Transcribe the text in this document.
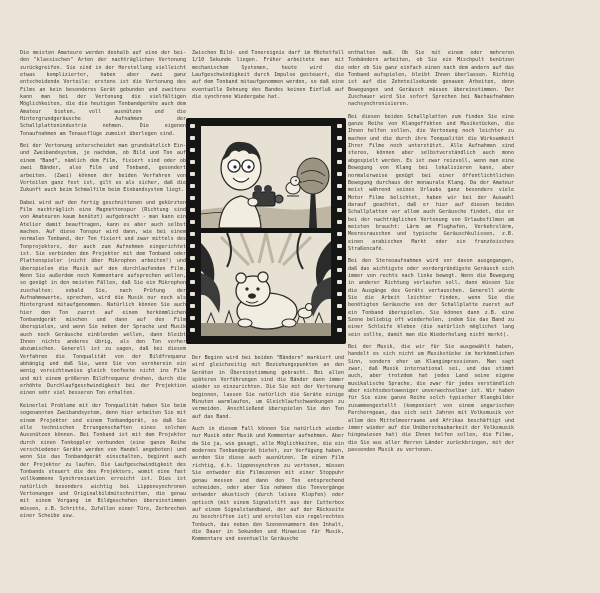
Die meisten Amateure werden deshalb auf eine der bei- den "klassischen" Arten der nachträglichen Vertonung zurückgreifen. Sie sind in der Herstellung vielleicht etwas komplizierter, haben aber zwei ganz entscheidende Vorteile: erstens ist die Vertonung des Films an kein besonderes Gerät gebunden und zweitens kann man bei der Vertonung die vielfältigen Möglichkeiten, die die heutigen Tonbandgeräte auch dem Amateur bieten, voll ausnützen und die Hintergrundgeräusche Aufnahmen der Schallplattenindustrie nehmen. Die eigenen Tonaufnahmen am Tonausflüge zumeist überlegen sind.

Bei der Vertonung unterscheidet man grundsätzlich Ein- und Zweibandsystem, je nachdem, ob Bild und Ton auf einem "Band", nämlich dem Film, fixiert sind oder ob zwei Bänder, also Film und Tonband, gesondert arbeiten. (Zwei) können der beiden Verfahren von Vorteilen ganz fest ist, gilt es als sicher, daß die Zukunft auch beim Schmalfilm beim Einbandsystem liegt.

Dabei wird auf den fertig geschnittenen und gekürzten Film nachträglich eine Magnettonspur (Richtung sind von Amateuren kaum benützt) aufgebracht - man kann ein Atelier damit beauftragen, kann es aber auch selbst machen. Auf diese Tonspur wird dann, wie bei einem normalen Tonband, der Ton fixiert und zwar mittels des Tonprojektors, der auch zum Aufnehmen eingerichtet ist. Sie verbinden den Projektor mit dem Tonband oder Plattenspieler (nicht über Mikrophon arbeiten!) und überspielen die Musik auf den durchlaufenden Film. Wenn Sie außerdem noch Kommentare aufsprechen wollen, so genügt in den meisten Fällen, daß Sie ein Mikrophon zuschalten: sobald Sie, nach Prüfung der Aufnahmewerte, sprechen, wird die Musik nur noch als Hintergrund mitaufgenommen. Natürlich können Sie auch hier den Ton zuerst auf einem herkömmlichen Tonbandgerät mischen und dann auf den Film überspielen, und wenn Sie neben der Sprache und Musik auch noch Geräusche einblenden wollen, dann bleibt Ihnen nichts anderes übrig, als den Ton vorher abzumischen. Generell ist zu sagen, daß bei diesem Verfahren die Tonqualität von der Bildfrequenz abhängig und daß Sie, wenn Sie von vornherein ein wenig vorsichtsweise gleich tonfeste nicht ins Film und mit einem größeren Bildfrequenz drehen, durch die erhöhte Durchlaufgeschwindigkeit bei der Projektion einen sehr viel besseren Ton erhalten.

Keinerlei Probleme mit der Tonqualität haben Sie beim sogenannten Zweibandsystem, denn hier arbeiten Sie mit einem Projektor und einem Tonbandgerät, so daß Sie alle technischen Errungenschaften eines solchen Aussnützen können. Bei Tonband ist mit dem Projektor durch einen Tonkoppler verbunden (eine ganze Reihe verschiedener Geräte werden von Handel angeboten) und wenn Sie das Tonbandgerät einschalten, beginnt auch der Projektor zu laufen. Die Laufgeschwindigkeit des Tonbands steuert die des Projektors, womit eine fast vollkommene Synchronisation erreicht ist. Dies ist natürlich besonders wichtig bei Lippensynchronen Vertonungen und Originalbildmitschnitten, die genau mit einem Vorgang im Bildgeschehen übereinstimmen müssen, z.B. Schritte, Zufallen einer Türe, Zerbrechen einer Scheibe usw.

Zwischen Bild- und Tonereignis darf im Höchstfall 1/10 Sekunde liegen. Früher arbeitete man mit mechanischem Systemen, heute wird die Laufgeschwindigkeit durch Impulse gesteuert, die auf dem Tonband mitaufgenommen werden, so daß eine eventuelle Dehnung des Bandes keinen Einfluß auf die synchrone Wiedergabe hat.

Der Beginn wird bei beiden "Bändern" markiert und wird gleichzeitig mit Beziehungspunkten an den Geräten in Übereinstimmung gebracht. Bei allen späteren Vorführungen sind die Bänder dann immer wieder so einzurichten. Die Sie mit der Vertonung beginnen, lassen Sie natürlich die Geräte einige Minuten warmlaufen, um Gleichlaufschwankungen zu vermeiden. Anschließend überspielen Sie den Ton auf das Band.

Auch in diesem Fall können Sie natürlich wieder nur Musik oder Musik und Kommentar aufnehmen. Aber da Sie ja, wie gesagt, alle Möglichkeiten, die ein modernes Tonbandgerät bietet, zur Verfügung haben, werden Sie diese auch ausnützen. Im einen Film richtig, d.h. lippensynchron zu vertonen, müssen Sie entweder die Filmszenen mit einer Stoppuhr genau messen und dann den Ton entsprechend schneiden, oder aber Sie nehmen die Tonvorgänge entweder akustisch (durch leises Klopfen) oder optisch (mit einem Signalstift aus der Cutterbox auf einem Signalstandband, der auf der Rückseite zu beschriften ist) und erstellen ein regelrechtes Tonbuch, das neben den Szenennummern den Inhalt, die Dauer in Sekunden und Hinweise für Musik, Kommentare und eventuelle Geräusche

enthalten muß. Ob Sie mit einem oder mehreren Tonbändern arbeiten, ob Sie ein Mischpult benützen oder ob Sie ganz einfach einen nach dem andern auf das Tonband aufspielen, bleibt Ihnen überlassen. Richtig ist auf die Zehnteilsekunde genauen Arbeiten, denn Bewegungen und Geräusch müssen übereinstimmen. Der Zuschauer wird Sie sofort Sprechen bei Nachaufnahmen nachsynchronisieren.

Bei diesen beiden Schallplatten zum finden Sie eine ganze Reihe von Klangeffekten und Musikstücken, die Ihnen helfen sollen, die Vertonung noch leichter zu machen und die durch ihre Tonqualität die Wirksamkeit Ihrer Filme noch unterstützt. Alle Aufnahmen sind stereo, können aber selbstverständlich auch mono abgespielt werden. Es ist zwar reizvoll, wenn man eine Bewegung von Klang bei lokalisieren kann, aber normalerweise genügt bei einer öffentlichtlichen Bewegung durchaus der monaurale Klang. Da der Amateur meist während seines Urlaubs ganz besonders viele Motor Filme belichtet, haben wir bei der Auswahl darauf geachtet, daß er hier auf diesen beiden Schallplatten vor allem auch Geräusche findet, die er bei der nachträglichen Vertonung von Urlaubsfilmen am meisten braucht: Lärm am Flughafen, Verkehrslärm, Meeresrauschen und typische Geräuschkulissen, z.B. einen arabischen Markt oder ein französisches Straßencafé.

Bei den Stereoaufnahmen wird vor davon ausgegangen, daß das wichtigste oder vordergründigste Geräusch sich immer von rechts nach links bewegt. Wenn die Bewegung in anderer Richtung verlaufen soll, dann müssen Sie die Ausgänge des Geräts vertauschen. Generell würde Sie die Arbeit leichter finden, wenn Sie die benötigten Geräusche von der Schallplatte zuerst auf ein Tonband überspielen. Sie können dann z.B. eine Szene beliebig oft wiederholen, indem Sie das Band zu einer Schleife kleben (die natürlich möglichst lang sein sollte, damit man die Wiederholung nicht merkt).

Bei der Musik, die wir für Sie ausgewählt haben, handelt es sich nicht um Musikstücke im herkömmlichen Sinn, sondern eher um Klangimpressionen. Man sagt zwar, daß Musik international sei, und das stimmt auch, aber trotzdem hat jedes Land seine eigene musikalische Sprache, die zwar für jedes verständlich aber nichtsdestoweniger unverwechselbar ist. Wir haben für Sie eine ganze Reihe solch typischer Klangbilder zusammengestellt (komponiert von einem ungarischen Parcherngean, das sich seit Jahren mit Volksmusik vor allem des Mittelmeerraums und Afrikas beschäftigt und immer wieder auf die Unüberschaubarkeit der Volksmusik hingewiesen hat) die Ihnen helfen sollen, die Filme, die Sie aus aller Herren Länder zurückbringen, mit der passenden Musik zu vertonen.
